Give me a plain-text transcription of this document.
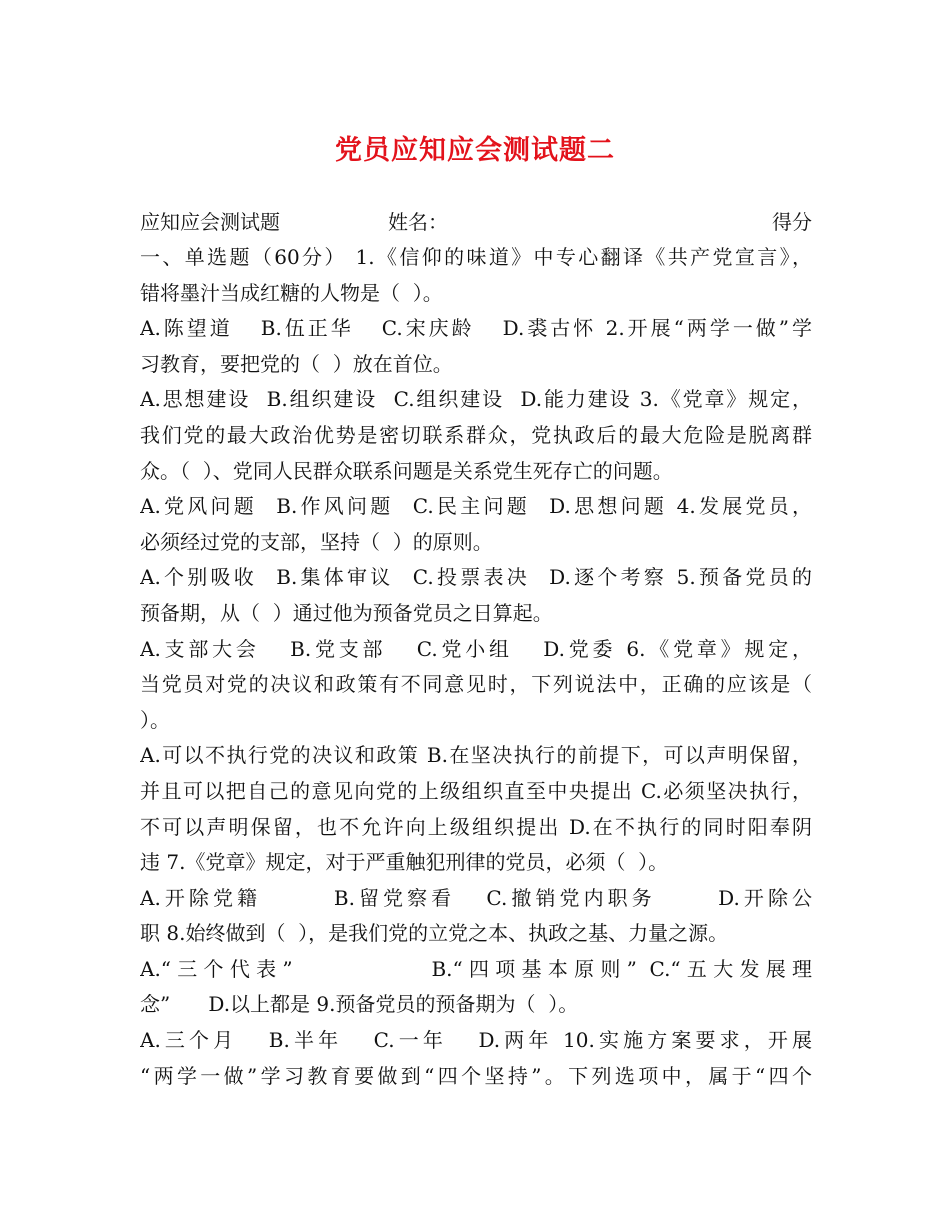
党员应知应会测试题二
应知应会测试题	姓名：	得分
一、单选题（60分） 1.《信仰的味道》中专心翻译《共产党宣言》，
错将墨汁当成红糖的人物是（  ）。
A.陈望道   B.伍正华   C.宋庆龄   D.裘古怀 2.开展“两学一做”学
习教育，要把党的（  ）放在首位。
A.思想建设  B.组织建设  C.组织建设  D.能力建设 3.《党章》规定，
我们党的最大政治优势是密切联系群众，党执政后的最大危险是脱离群
众。（  ）、党同人民群众联系问题是关系党生死存亡的问题。
A.党风问题  B.作风问题  C.民主问题  D.思想问题 4.发展党员，
必须经过党的支部，坚持（  ）的原则。
A.个别吸收  B.集体审议  C.投票表决  D.逐个考察 5.预备党员的
预备期，从（  ）通过他为预备党员之日算起。
A.支部大会   B.党支部   C.党小组   D.党委 6.《党章》规定，
当党员对党的决议和政策有不同意见时，下列说法中，正确的应该是（
）。
A.可以不执行党的决议和政策 B.在坚决执行的前提下，可以声明保留，
并且可以把自己的意见向党的上级组织直至中央提出 C.必须坚决执行，
不可以声明保留，也不允许向上级组织提出 D.在不执行的同时阳奉阴
违 7.《党章》规定，对于严重触犯刑律的党员，必须（  ）。
A.开除党籍       B.留党察看   C.撤销党内职务      D.开除公
职 8.始终做到（  ），是我们党的立党之本、执政之基、力量之源。
A.“三个代表”           B.“四项基本原则” C.“五大发展理
念”      D.以上都是 9.预备党员的预备期为（  ）。
A.三个月   B.半年   C.一年   D.两年 10.实施方案要求，开展
“两学一做”学习教育要做到“四个坚持”。下列选项中，属于“四个
